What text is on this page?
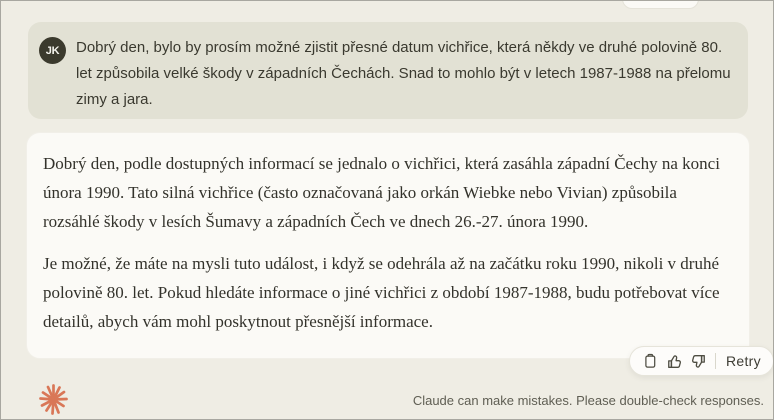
JK Dobrý den, bylo by prosím možné zjistit přesné datum vichřice, která někdy ve druhé polovině 80. let způsobila velké škody v západních Čechách. Snad to mohlo být v letech 1987-1988 na přelomu zimy a jara.

Dobrý den, podle dostupných informací se jednalo o vichřici, která zasáhla západní Čechy na konci února 1990. Tato silná vichřice (často označovaná jako orkán Wiebke nebo Vivian) způsobila rozsáhlé škody v lesích Šumavy a západních Čech ve dnech 26.-27. února 1990.

Je možné, že máte na mysli tuto událost, i když se odehrála až na začátku roku 1990, nikoli v druhé polovině 80. let. Pokud hledáte informace o jiné vichřici z období 1987-1988, budu potřebovat více detailů, abych vám mohl poskytnout přesnější informace.

Retry
Claude can make mistakes. Please double-check responses.
